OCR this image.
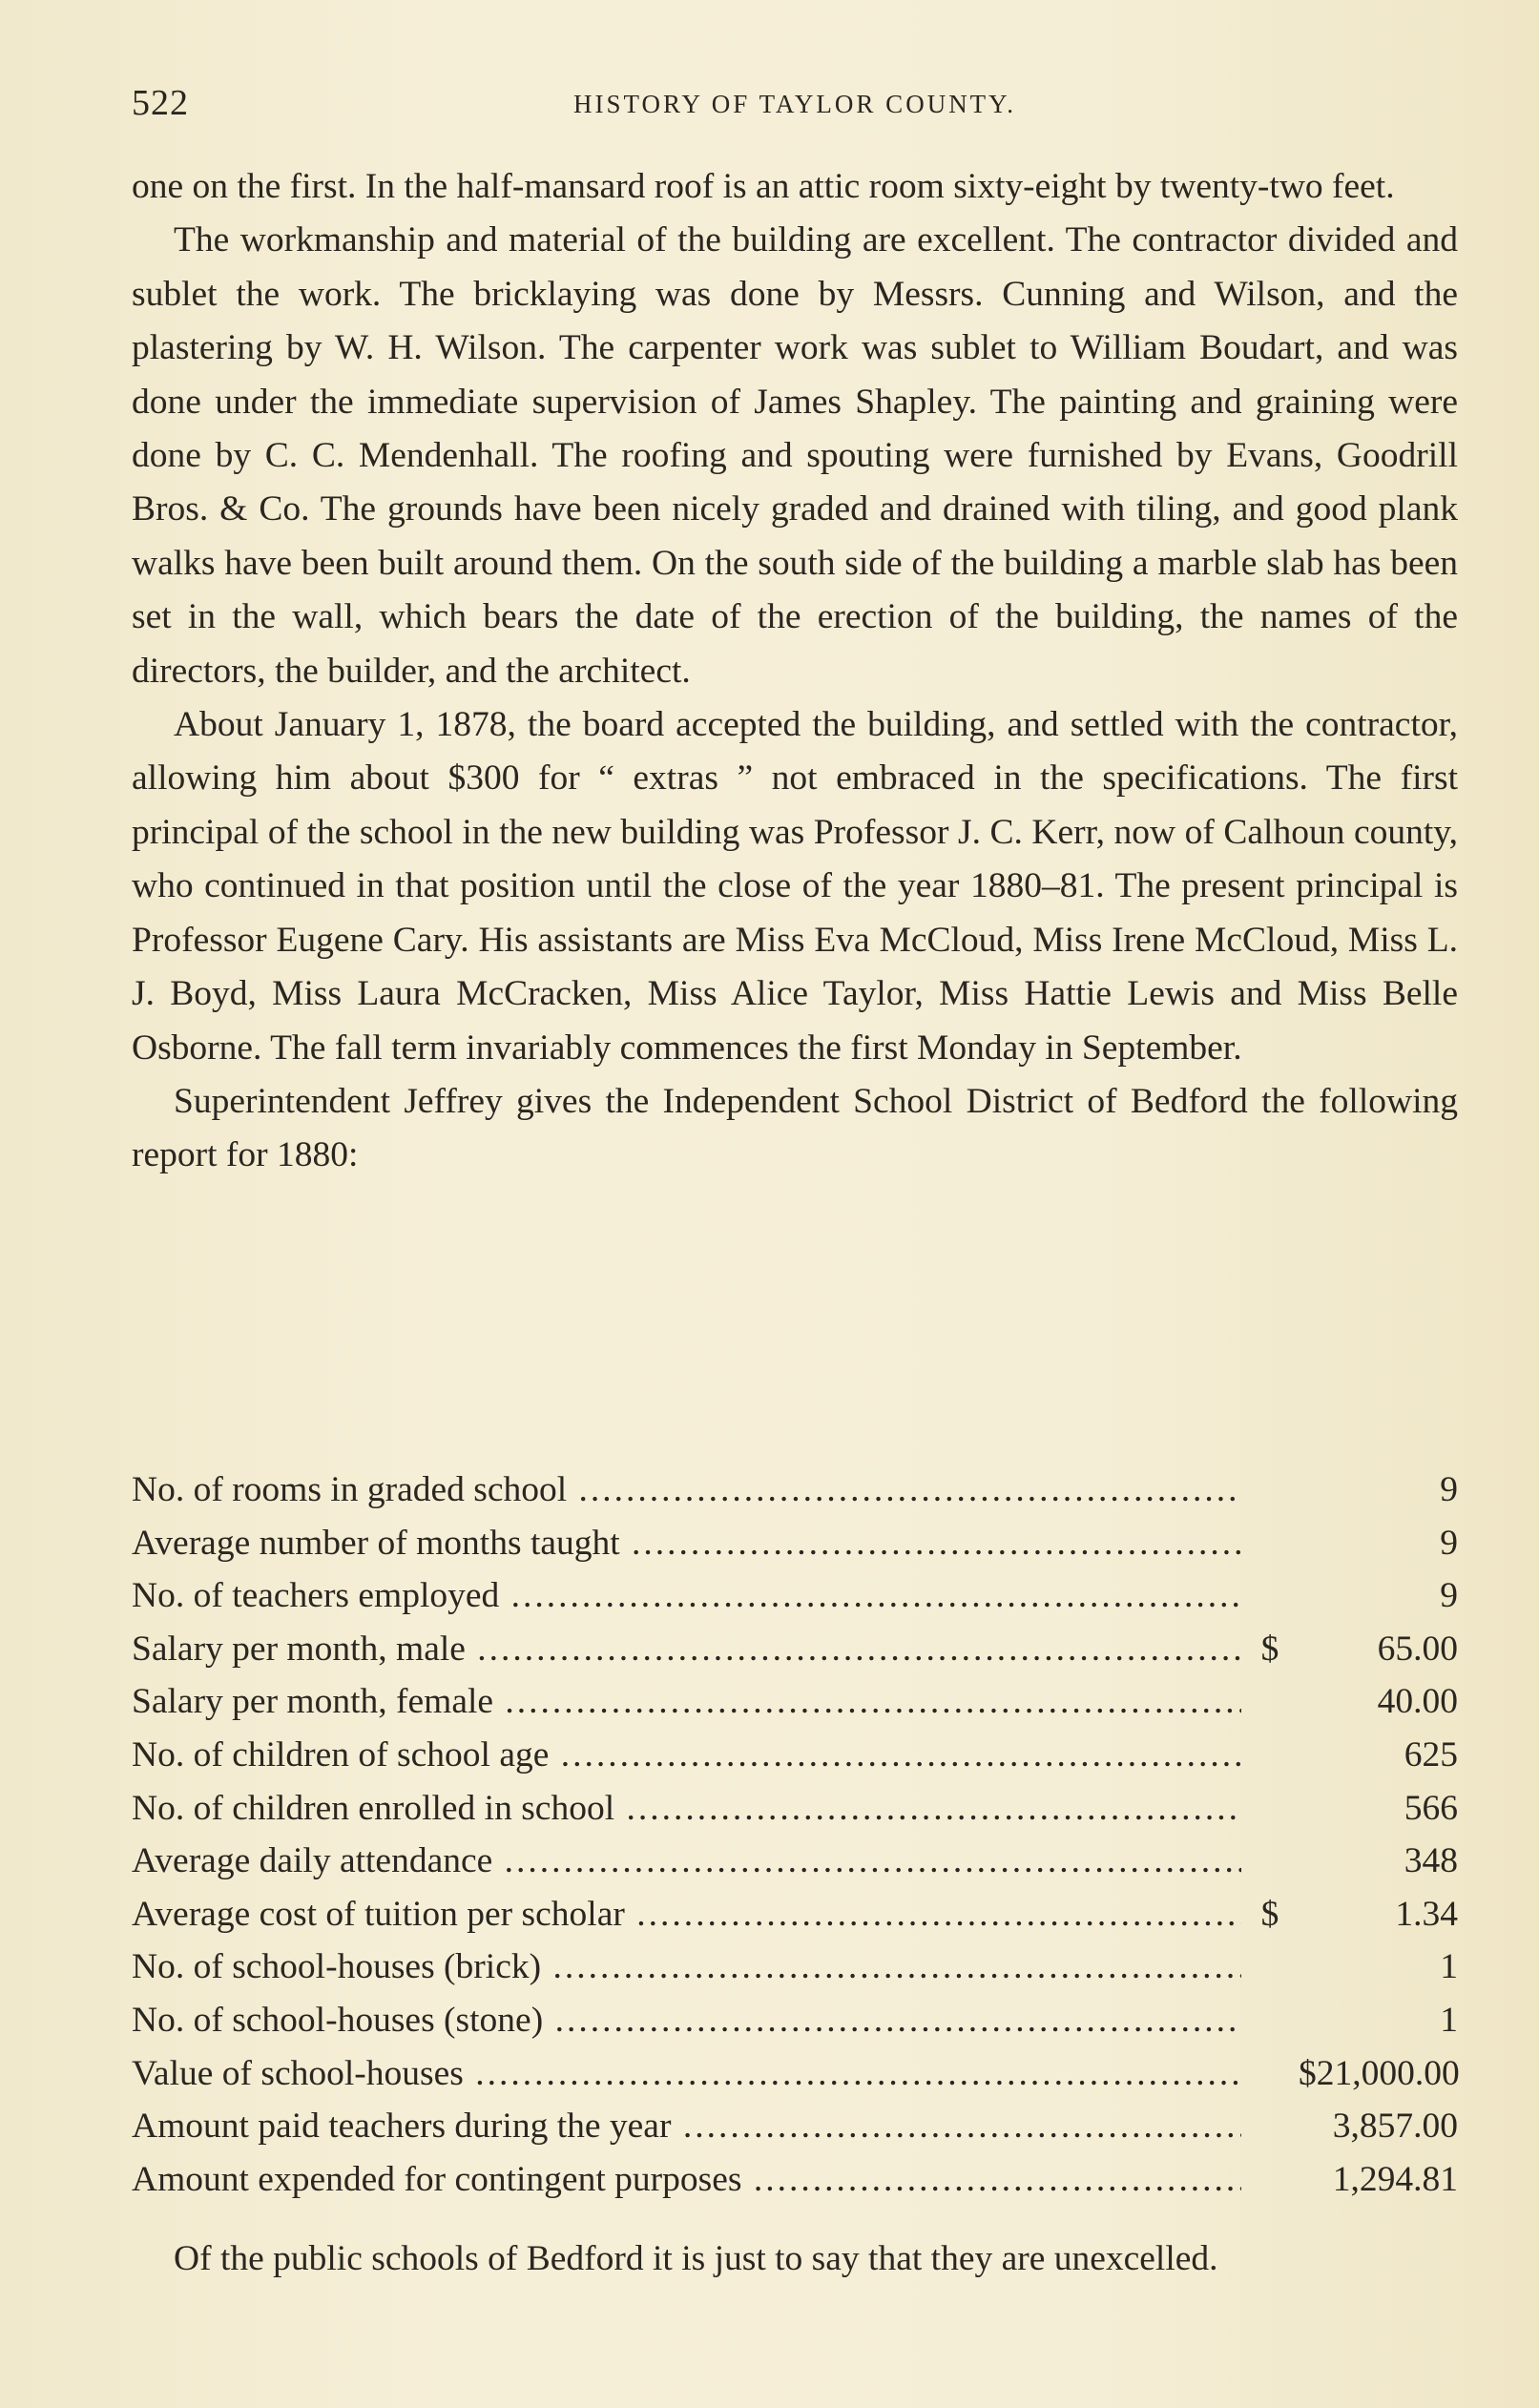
522	HISTORY OF TAYLOR COUNTY.

one on the first. In the half-mansard roof is an attic room sixty-eight by twenty-two feet.

The workmanship and material of the building are excellent. The contractor divided and sublet the work. The bricklaying was done by Messrs. Cunning and Wilson, and the plastering by W. H. Wilson. The carpenter work was sublet to William Boudart, and was done under the immediate supervision of James Shapley. The painting and graining were done by C. C. Mendenhall. The roofing and spouting were furnished by Evans, Goodrill Bros. & Co. The grounds have been nicely graded and drained with tiling, and good plank walks have been built around them. On the south side of the building a marble slab has been set in the wall, which bears the date of the erection of the building, the names of the directors, the builder, and the architect.

About January 1, 1878, the board accepted the building, and settled with the contractor, allowing him about $300 for “ extras ” not embraced in the specifications. The first principal of the school in the new building was Professor J. C. Kerr, now of Calhoun county, who continued in that position until the close of the year 1880–81. The present principal is Professor Eugene Cary. His assistants are Miss Eva McCloud, Miss Irene McCloud, Miss L. J. Boyd, Miss Laura McCracken, Miss Alice Taylor, Miss Hattie Lewis and Miss Belle Osborne. The fall term invariably commences the first Monday in September.

Superintendent Jeffrey gives the Independent School District of Bedford the following report for 1880:

No. of rooms in graded school .....	9
Average number of months taught .....	9
No. of teachers employed .....	9
Salary per month, male .....	$	65.00
Salary per month, female .....	40.00
No. of children of school age .....	625
No. of children enrolled in school .....	566
Average daily attendance .....	348
Average cost of tuition per scholar .....	$	1.34
No. of school-houses (brick) .....	1
No. of school-houses (stone) .....	1
Value of school-houses .....	$21,000.00
Amount paid teachers during the year .....	3,857.00
Amount expended for contingent purposes .....	1,294.81
Of the public schools of Bedford it is just to say that they are unexcelled.
